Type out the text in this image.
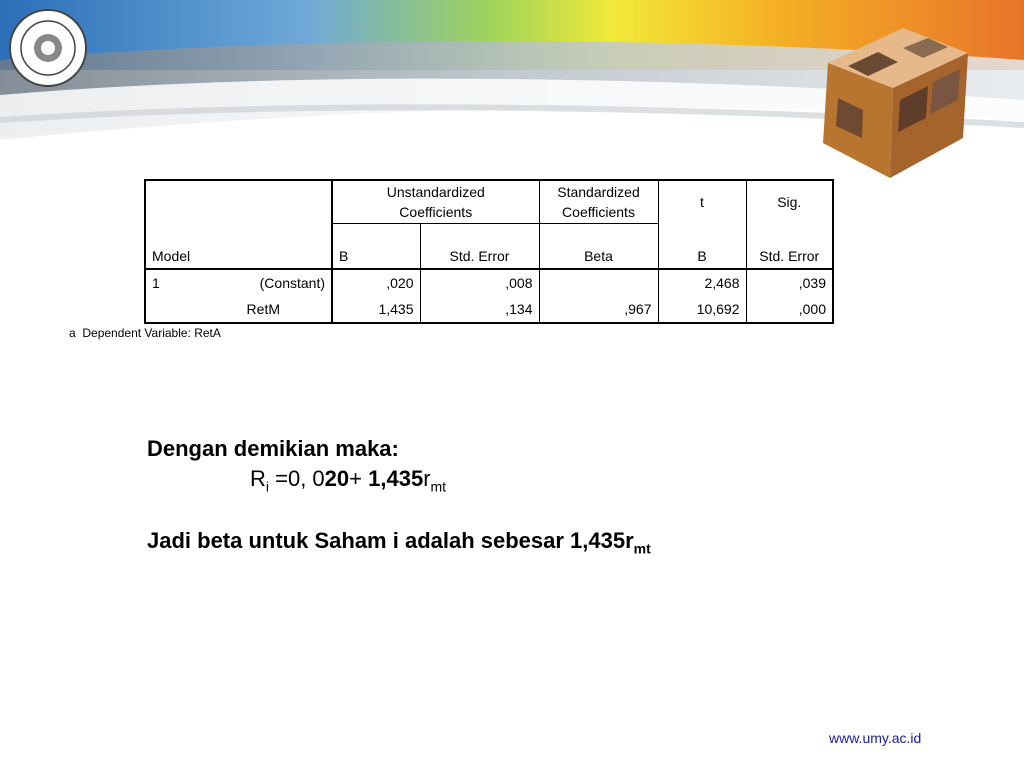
	Unstandardized
Coefficients		Standardized
Coefficients	t	Sig.
Model	B	Std. Error	Beta	B	Std. Error

1 (Constant)	,020	,008		2,468	,039

RetM	1,435	,134	,967	10,692	,000
a Dependent Variable: RetA
Dengan demikian maka:
$R_i =0$, $020+ 1,435r_{mt}$
Jadi beta untuk Saham i adalah sebesar $1,435r_{mt}$
www.umy.ac.id
